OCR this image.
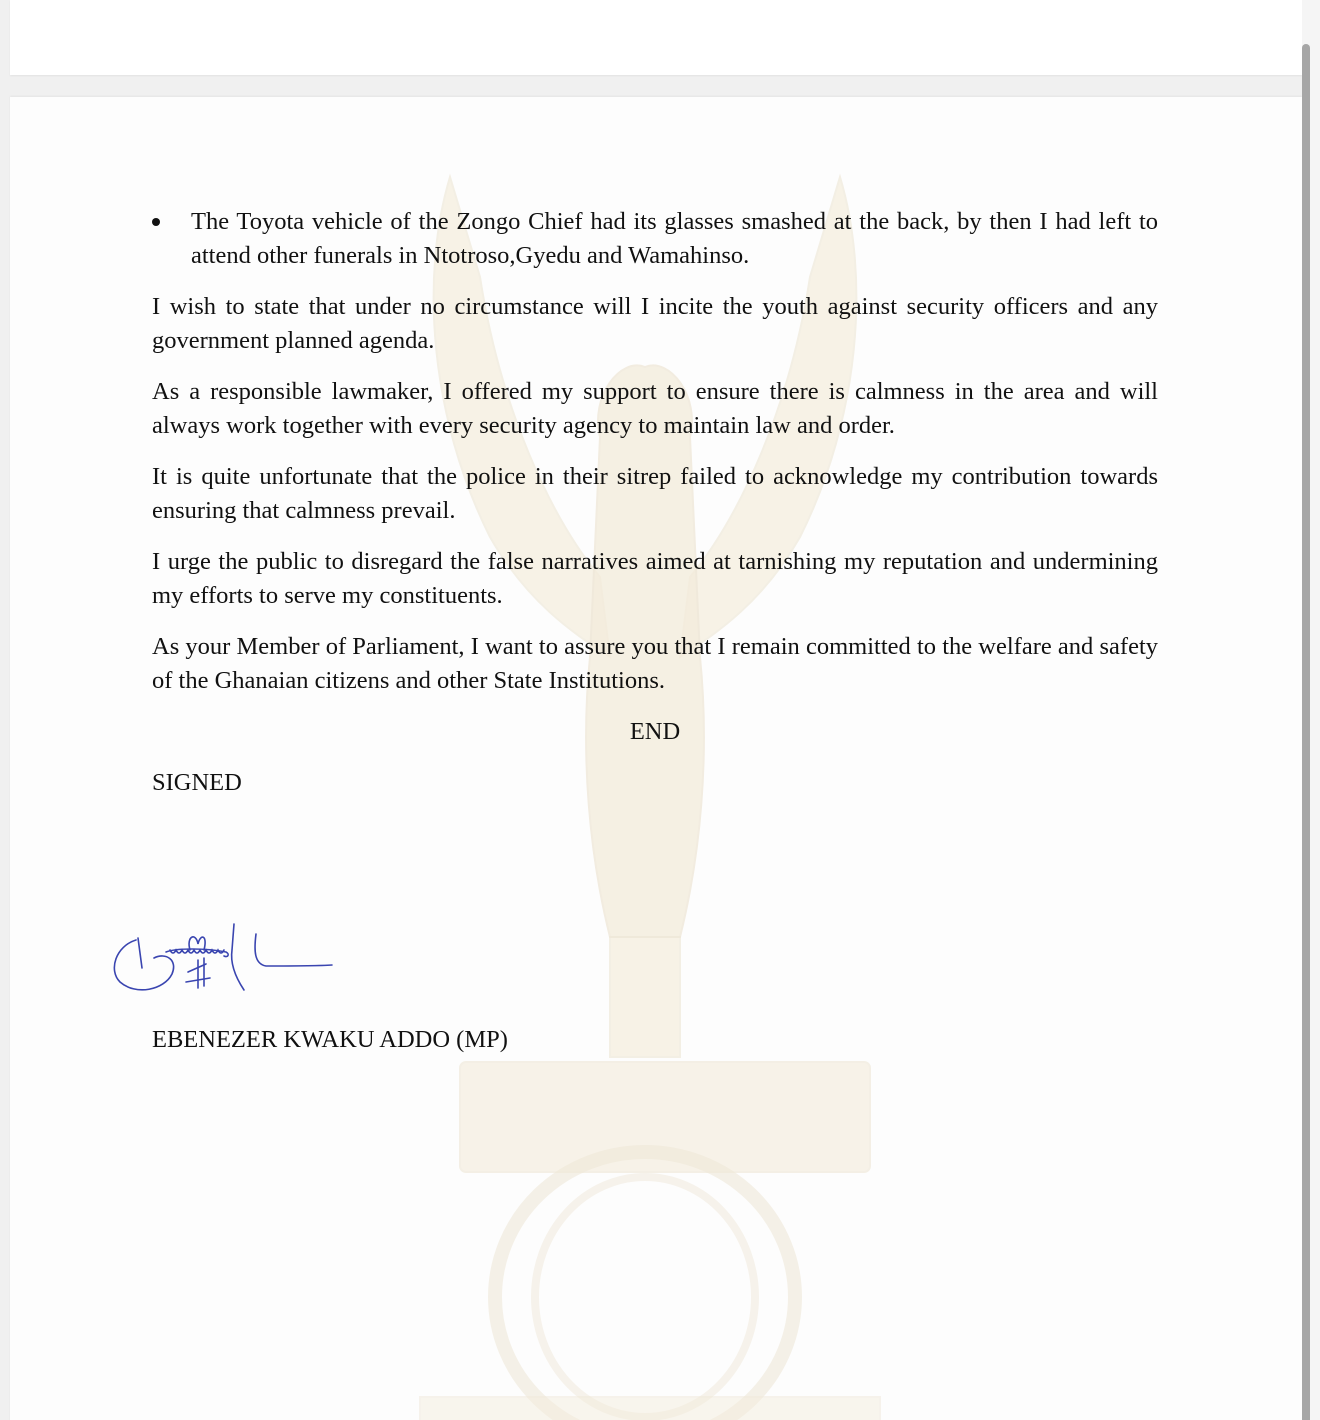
The Toyota vehicle of the Zongo Chief had its glasses smashed at the back, by then I had left to attend other funerals in Ntotroso,Gyedu and Wamahinso.

I wish to state that under no circumstance will I incite the youth against security officers and any government planned agenda.

As a responsible lawmaker, I offered my support to ensure there is calmness in the area and will always work together with every security agency to maintain law and order.

It is quite unfortunate that the police in their sitrep failed to acknowledge my contribution towards ensuring that calmness prevail.

I urge the public to disregard the false narratives aimed at tarnishing my reputation and undermining my efforts to serve my constituents.

As your Member of Parliament, I want to assure you that I remain committed to the welfare and safety of the Ghanaian citizens and other State Institutions.

END
SIGNED
EBENEZER KWAKU ADDO (MP)
